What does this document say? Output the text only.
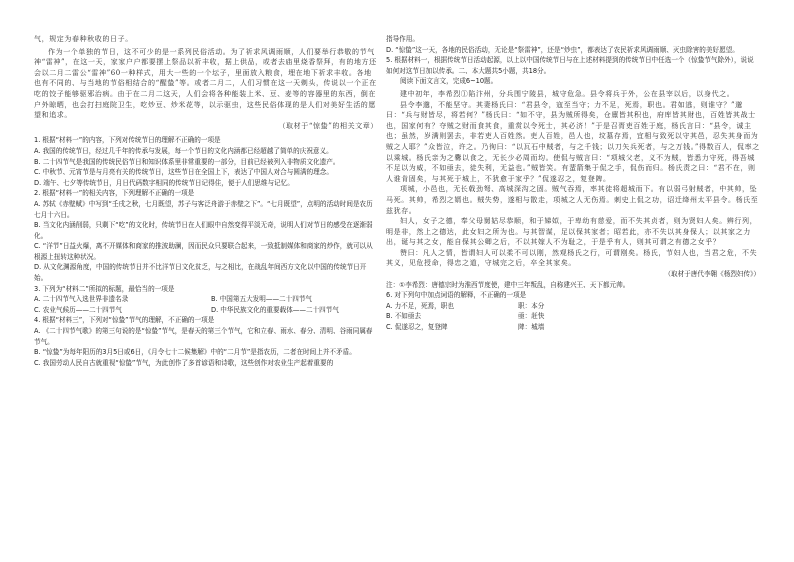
气，规定为春种秋收的日子。

作为一个单独的节日，这不可少的是一系列民俗活动。为了祈求风调雨顺，人们要举行恭敬的节气神“雷神”，在这一天，家家户户都要摆上祭品以祈丰收，据上供品，或者去庙里烧香祭拜，有的地方还会以二月二雷公“雷神”60一种样式，用大一些的一个坛子，里面放入粮食，埋在地下祈求丰收。各地也有不同的、与当地的节俗相结合的“醒蛰”等。或者二月二，人们习惯在这一天剃头，传说以一个正在吃的饺子能够驱邪治病。由于在二月二这天，人们会将各种能装上米、豆、麦等的容器里的东西，倒在户外晾晒，也会打扫庭院卫生，吃炒豆、炒米花等，以示驱虫，这些民俗体现的是人们对美好生活的愿望和追求。

（取材于“惊蛰”的相关文章）

1. 根据“材料一”的内容，下列对传统节日的理解不正确的一项是

A. 我国的传统节日，经过几千年的传承与发展，每一个节日的文化内涵都已经超越了简单的庆祝意义。

B. 二十四节气是我国的传统民俗节日和知识体系里非常重要的一部分，目前已经被列入非物质文化遗产。

C. 中秋节、元宵节是与月亮有关的传统节日，这些节日在全国上下，表达了中国人对合与圆满的理念。

D. 端午、七夕等传统节日，月日代码数字相同的传统节日记得住，便于人们思维与记忆。

2. 根据“材料一”的相关内容，下列理解不正确的一项是

A. 苏轼《赤壁赋》中写到“壬戌之秋，七月既望，苏子与客泛舟游于赤壁之下”。“七月既望”，点明的活动时间是农历七月十六日。

B. 当文化内涵削弱，只剩下“吃”的文化时，传统节日在人们眼中自然变得平淡无奇，说明人们对节日的感受在逐渐弱化。

C. “洋节”日益火爆，离不开媒体和商家的推波助澜，因而民众只要联合起来，一致抵制媒体和商家的炒作，就可以从根源上扭转这种状况。

D. 从文化渊源角度，中国的传统节日并不比洋节日文化贫乏，与之相比，在战乱年间西方文化以中国的传统节日开始。

3. 下列为“材料二”所拟的标题，最恰当的一项是

A. 二十四节气入选世界非遗名录	B. 中国第五大发明——二十四节气

C. 农业气候历——二十四节气	D. 中华民族文化的重要载体——二十四节气

4. 根据“材料三”，下列对“惊蛰”节气的理解，不正确的一项是

A. 《二十四节气歌》的第三句说的是“惊蛰”节气，是春天的第三个节气，它和立春、雨水、春分、清明、谷雨同属春节气。

B. “惊蛰”为每年阳历的3月5日或6日，《月令七十二候集解》中的“二月节”是指农历，二者在时间上并不矛盾。

C. 我国劳动人民自古就重视“惊蛰”节气，为此创作了多首谚语和诗歌，这些创作对农业生产起着重要的

指导作用。

D. “惊蛰”这一天，各地的民俗活动，无论是“祭雷神”，还是“炒虫”，都表达了农民祈求风调雨顺、灭虫除害的美好愿望。

5. 根据材料一，根据传统节日活动起源，以上以中国传统节日与在上述材料提到的传统节日中任选一个（惊蛰节气除外），说说如何对这节日加以传承。二、本大题共5小题，共18分。

阅读下面文言文，完成6~10题。

建中初年，李希烈①陷汴州，分兵围宁陵县，城守危急。县令将兵于外，公在县宰以后，以身代之。

县令李邈，不能坚守。其妻杨氏曰：“君县令，寇至当守；力不足，死焉，职也。君如逃，则谁守？”邈曰：“兵与财皆尽，将若何？”杨氏曰：“如不守，县为贼所得矣，仓廪皆其积也，府库皆其财也，百姓皆其战士也，国家何有？夺贼之财而食其食，重赏以令死士，其必济！”于是召胥吏百姓于庭，杨氏言曰：“县令，诚主也；虽然，岁满则罢去，非若吏人百姓然。吏人百姓，邑人也，坟墓存焉，宜相与致死以守其邑，忍失其身而为贼之人耶？”众皆泣，许之。乃徇曰：“以瓦石中贼者，与之千钱；以刀矢兵死者，与之万钱。”得数百人，侃率之以乘城。杨氏亲为之爨以食之，无长少必周而均。使侃与贼言曰：“项城父老，义不为贼，皆悉力守死，得吾城不足以为威，不如亟去，徒失利，无益也。”贼皆笑。有蜚箭集于侃之手，侃伤而归。杨氏责之曰：“君不在，则人谁肯固矣，与其死于城上，不犹愈于家乎？”侃遂忍之，复登陴。

项城，小邑也，无长戟劲弩、高城深沟之固。贼气吞焉，率其徒将超城而下。有以弱弓射贼者，中其帅，坠马死。其帅，希烈之婿也。贼失势，遂相与散走，项城之人无伤焉。刺史上侃之功，诏迁绛州太平县令。杨氏至兹犹存。

妇人，女子之德，奉父母舅姑尽恭顺，和于娣姒，于卑幼有慈爱，而不失其贞者，则为贤妇人矣。辨行列，明是非，然上之德达，此女妇之所为也。与其智谋，足以保其家者；昭若此，亦不失以其身保人；以其家之力出，诞与其之女，能自保其公卿之后，不以其嫁人不为耻之，于是乎有人，则其可谓之有德之女乎？

赞曰：凡人之情，皆谓妇人可以柔不可以刚，然观杨氏之行，可谓刚矣。杨氏，节妇人也，当君之危，不失其义，见危授命，得忠之道，守城完之后，卒全其家矣。

（取材于唐代李翱《杨烈妇传》）

注：①李希烈：唐德宗时为淮西节度使，建中三年叛乱，自称建兴王、天下都元帅。

6. 对下列句中加点词语的解释，不正确的一项是

A. 力不足，死焉，职也	职：本分
B. 不如亟去	亟：赶快
C. 侃遂忍之，复登陴	陴：城墙
